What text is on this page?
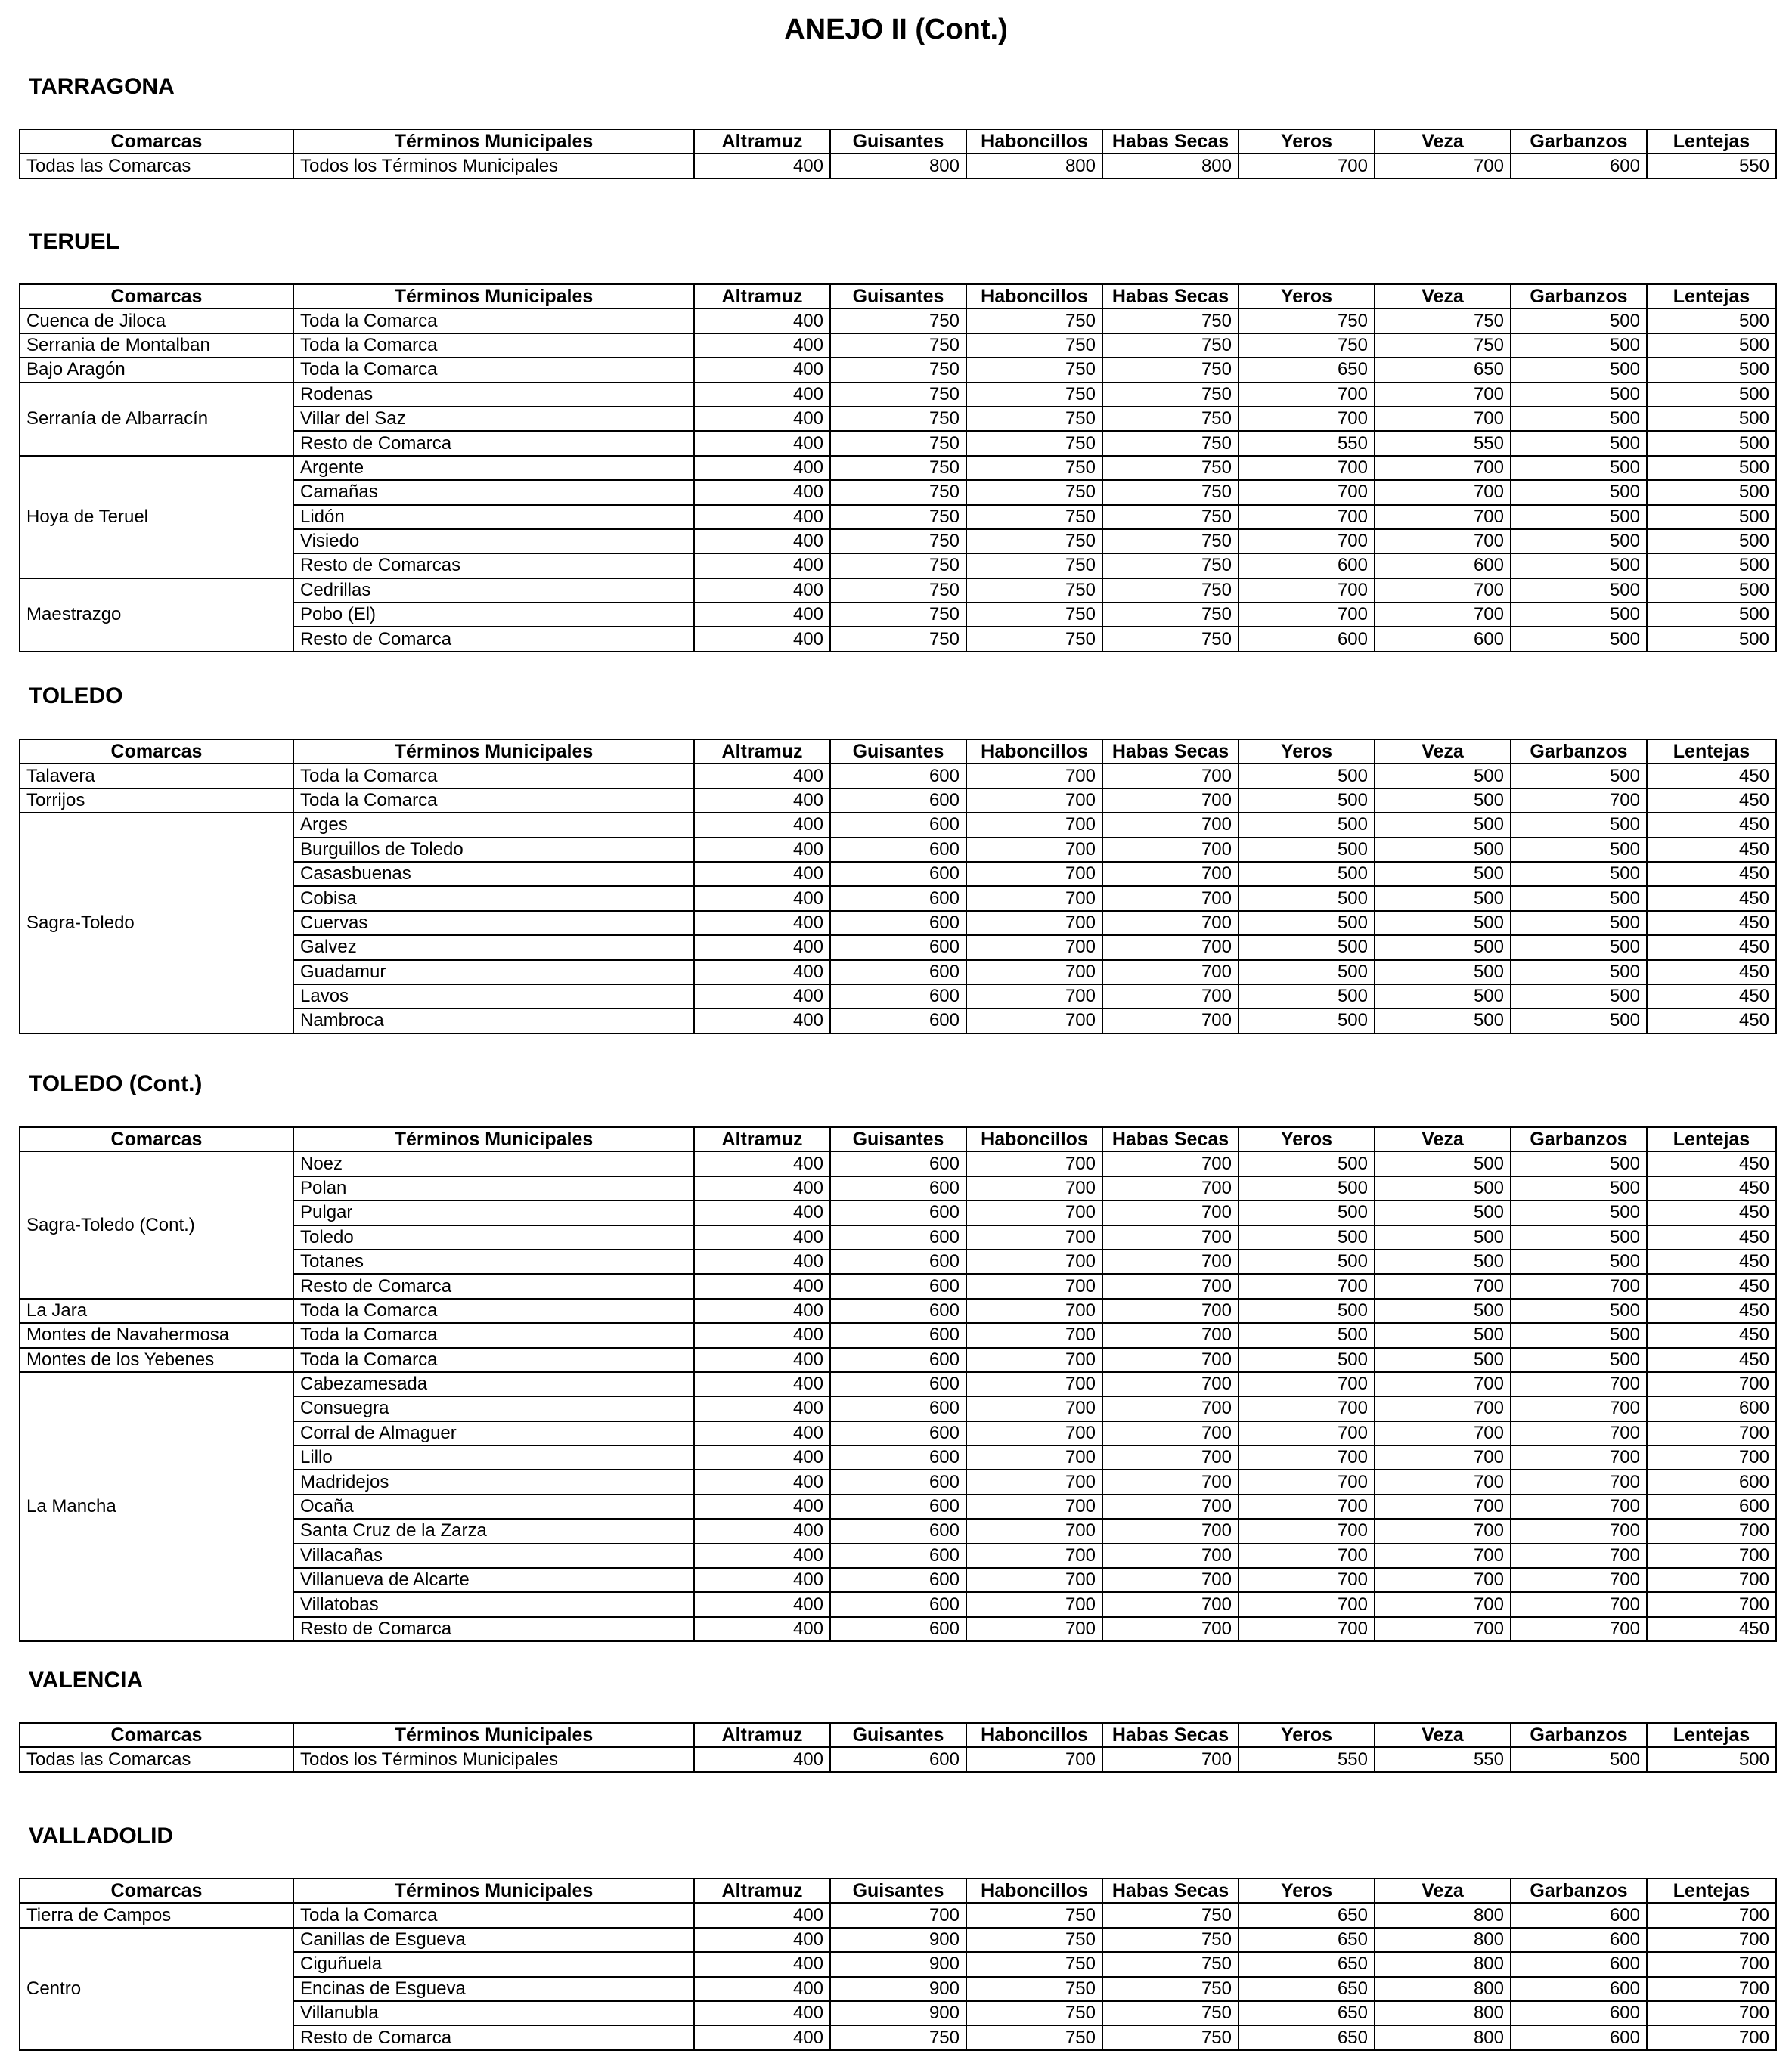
ANEJO II (Cont.)
TARRAGONA
Comarcas	Términos Municipales	Altramuz	Guisantes	Haboncillos	Habas Secas	Yeros	Veza	Garbanzos	Lentejas
Todas las Comarcas	Todos los Términos Municipales	400	800	800	800	700	700	600	550
TERUEL
Comarcas	Términos Municipales	Altramuz	Guisantes	Haboncillos	Habas Secas	Yeros	Veza	Garbanzos	Lentejas
Cuenca de Jiloca	Toda la Comarca	400	750	750	750	750	750	500	500
Serrania de Montalban	Toda la Comarca	400	750	750	750	750	750	500	500
Bajo Aragón	Toda la Comarca	400	750	750	750	650	650	500	500
Serranía de Albarracín	Rodenas	400	750	750	750	700	700	500	500
	Villar del Saz	400	750	750	750	700	700	500	500
	Resto de Comarca	400	750	750	750	550	550	500	500
Hoya de Teruel	Argente	400	750	750	750	700	700	500	500
	Camañas	400	750	750	750	700	700	500	500
	Lidón	400	750	750	750	700	700	500	500
	Visiedo	400	750	750	750	700	700	500	500
	Resto de Comarcas	400	750	750	750	600	600	500	500
Maestrazgo	Cedrillas	400	750	750	750	700	700	500	500
	Pobo (El)	400	750	750	750	700	700	500	500
	Resto de Comarca	400	750	750	750	600	600	500	500
TOLEDO
Comarcas	Términos Municipales	Altramuz	Guisantes	Haboncillos	Habas Secas	Yeros	Veza	Garbanzos	Lentejas
Talavera	Toda la Comarca	400	600	700	700	500	500	500	450
Torrijos	Toda la Comarca	400	600	700	700	500	500	700	450
Sagra-Toledo	Arges	400	600	700	700	500	500	500	450
	Burguillos de Toledo	400	600	700	700	500	500	500	450
	Casasbuenas	400	600	700	700	500	500	500	450
	Cobisa	400	600	700	700	500	500	500	450
	Cuervas	400	600	700	700	500	500	500	450
	Galvez	400	600	700	700	500	500	500	450
	Guadamur	400	600	700	700	500	500	500	450
	Lavos	400	600	700	700	500	500	500	450
	Nambroca	400	600	700	700	500	500	500	450
TOLEDO (Cont.)
Comarcas	Términos Municipales	Altramuz	Guisantes	Haboncillos	Habas Secas	Yeros	Veza	Garbanzos	Lentejas
Sagra-Toledo (Cont.)	Noez	400	600	700	700	500	500	500	450
	Polan	400	600	700	700	500	500	500	450
	Pulgar	400	600	700	700	500	500	500	450
	Toledo	400	600	700	700	500	500	500	450
	Totanes	400	600	700	700	500	500	500	450
	Resto de Comarca	400	600	700	700	700	700	700	450
La Jara	Toda la Comarca	400	600	700	700	500	500	500	450
Montes de Navahermosa	Toda la Comarca	400	600	700	700	500	500	500	450
Montes de los Yebenes	Toda la Comarca	400	600	700	700	500	500	500	450
La Mancha	Cabezamesada	400	600	700	700	700	700	700	700
	Consuegra	400	600	700	700	700	700	700	600
	Corral de Almaguer	400	600	700	700	700	700	700	700
	Lillo	400	600	700	700	700	700	700	700
	Madridejos	400	600	700	700	700	700	700	600
	Ocaña	400	600	700	700	700	700	700	600
	Santa Cruz de la Zarza	400	600	700	700	700	700	700	700
	Villacañas	400	600	700	700	700	700	700	700
	Villanueva de Alcarte	400	600	700	700	700	700	700	700
	Villatobas	400	600	700	700	700	700	700	700
	Resto de Comarca	400	600	700	700	700	700	700	450
VALENCIA
Comarcas	Términos Municipales	Altramuz	Guisantes	Haboncillos	Habas Secas	Yeros	Veza	Garbanzos	Lentejas
Todas las Comarcas	Todos los Términos Municipales	400	600	700	700	550	550	500	500
VALLADOLID
Comarcas	Términos Municipales	Altramuz	Guisantes	Haboncillos	Habas Secas	Yeros	Veza	Garbanzos	Lentejas
Tierra de Campos	Toda la Comarca	400	700	750	750	650	800	600	700
Centro	Canillas de Esgueva	400	900	750	750	650	800	600	700
	Ciguñuela	400	900	750	750	650	800	600	700
	Encinas de Esgueva	400	900	750	750	650	800	600	700
	Villanubla	400	900	750	750	650	800	600	700
	Resto de Comarca	400	750	750	750	650	800	600	700
